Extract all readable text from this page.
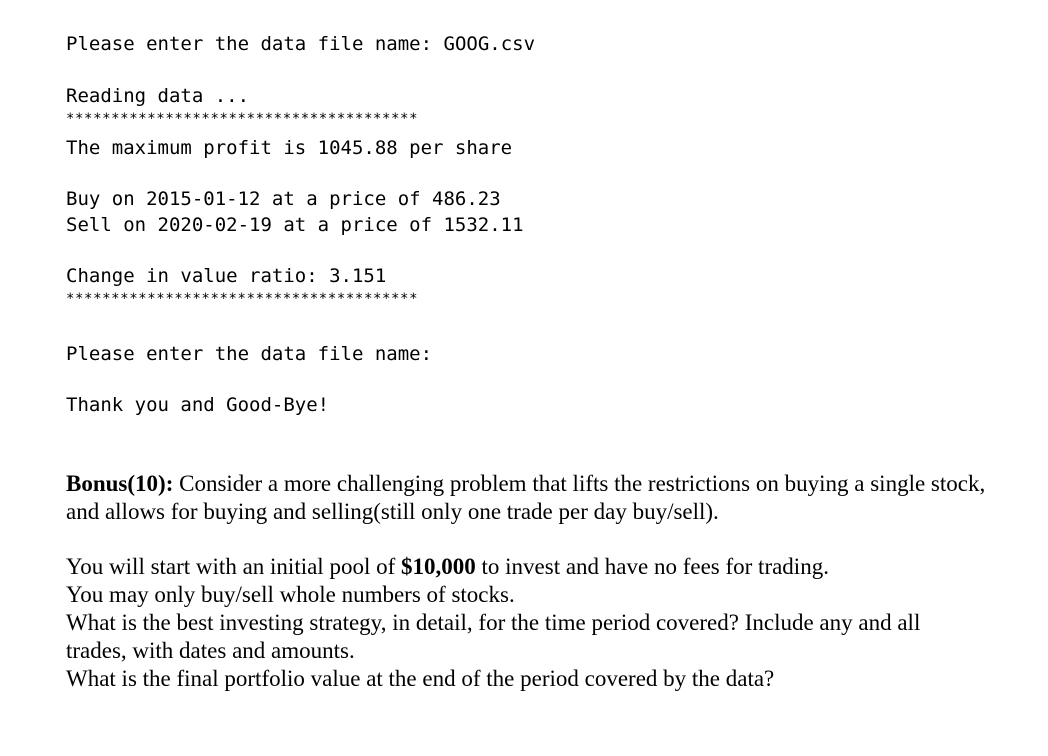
Please enter the data file name: GOOG.csv
Reading data ...
***************************************
The maximum profit is 1045.88 per share
Buy on 2015-01-12 at a price of 486.23
Sell on 2020-02-19 at a price of 1532.11
Change in value ratio: 3.151
***************************************
Please enter the data file name:
Thank you and Good-Bye!

Bonus(10): Consider a more challenging problem that lifts the restrictions on buying a single stock, and allows for buying and selling(still only one trade per day buy/sell).

You will start with an initial pool of $10,000 to invest and have no fees for trading.

You may only buy/sell whole numbers of stocks.

What is the best investing strategy, in detail, for the time period covered? Include any and all trades, with dates and amounts.

What is the final portfolio value at the end of the period covered by the data?
